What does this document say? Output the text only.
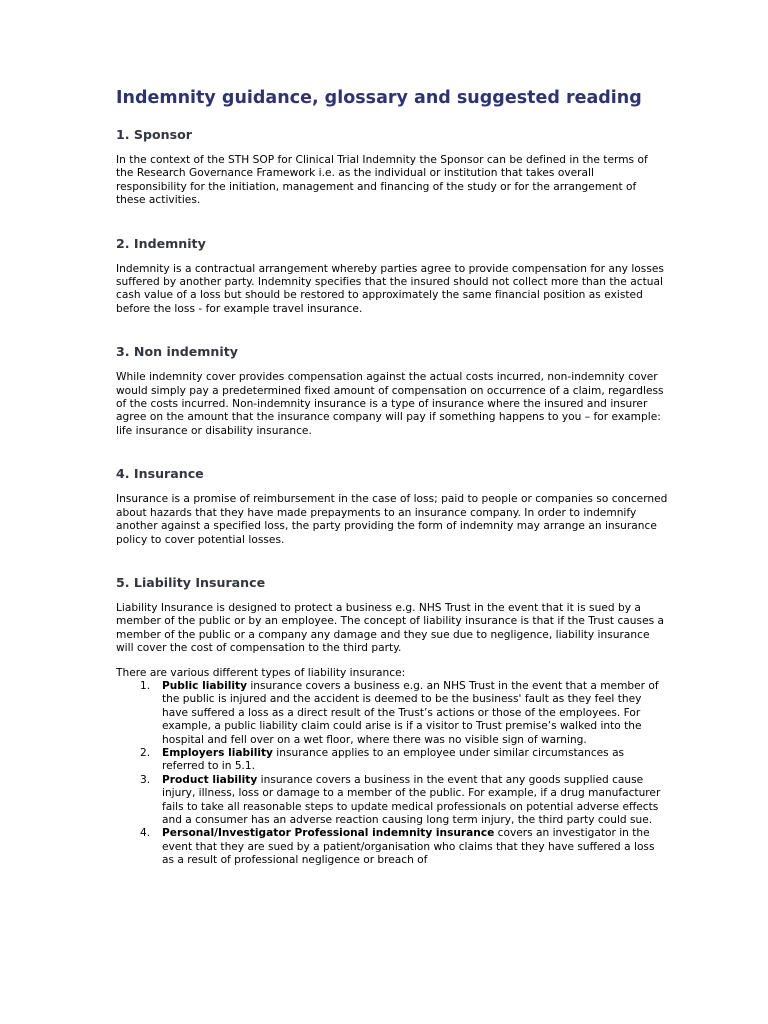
Indemnity guidance, glossary and suggested reading
1. Sponsor

In the context of the STH SOP for Clinical Trial Indemnity the Sponsor can be defined in the terms of the Research Governance Framework i.e. as the individual or institution that takes overall responsibility for the initiation, management and financing of the study or for the arrangement of these activities.

2. Indemnity

Indemnity is a contractual arrangement whereby parties agree to provide compensation for any losses suffered by another party. Indemnity specifies that the insured should not collect more than the actual cash value of a loss but should be restored to approximately the same financial position as existed before the loss - for example travel insurance.

3. Non indemnity

While indemnity cover provides compensation against the actual costs incurred, non-indemnity cover would simply pay a predetermined fixed amount of compensation on occurrence of a claim, regardless of the costs incurred. Non-indemnity insurance is a type of insurance where the insured and insurer agree on the amount that the insurance company will pay if something happens to you – for example: life insurance or disability insurance.

4. Insurance

Insurance is a promise of reimbursement in the case of loss; paid to people or companies so concerned about hazards that they have made prepayments to an insurance company. In order to indemnify another against a specified loss, the party providing the form of indemnity may arrange an insurance policy to cover potential losses.

5. Liability Insurance

Liability Insurance is designed to protect a business e.g. NHS Trust in the event that it is sued by a member of the public or by an employee. The concept of liability insurance is that if the Trust causes a member of the public or a company any damage and they sue due to negligence, liability insurance will cover the cost of compensation to the third party.

There are various different types of liability insurance:

1. Public liability insurance covers a business e.g. an NHS Trust in the event that a member of the public is injured and the accident is deemed to be the business' fault as they feel they have suffered a loss as a direct result of the Trust’s actions or those of the employees. For example, a public liability claim could arise is if a visitor to Trust premise’s walked into the hospital and fell over on a wet floor, where there was no visible sign of warning.
2. Employers liability insurance applies to an employee under similar circumstances as referred to in 5.1.
3. Product liability insurance covers a business in the event that any goods supplied cause injury, illness, loss or damage to a member of the public. For example, if a drug manufacturer fails to take all reasonable steps to update medical professionals on potential adverse effects and a consumer has an adverse reaction causing long term injury, the third party could sue.
4. Personal/Investigator Professional indemnity insurance covers an investigator in the event that they are sued by a patient/organisation who claims that they have suffered a loss as a result of professional negligence or breach of
